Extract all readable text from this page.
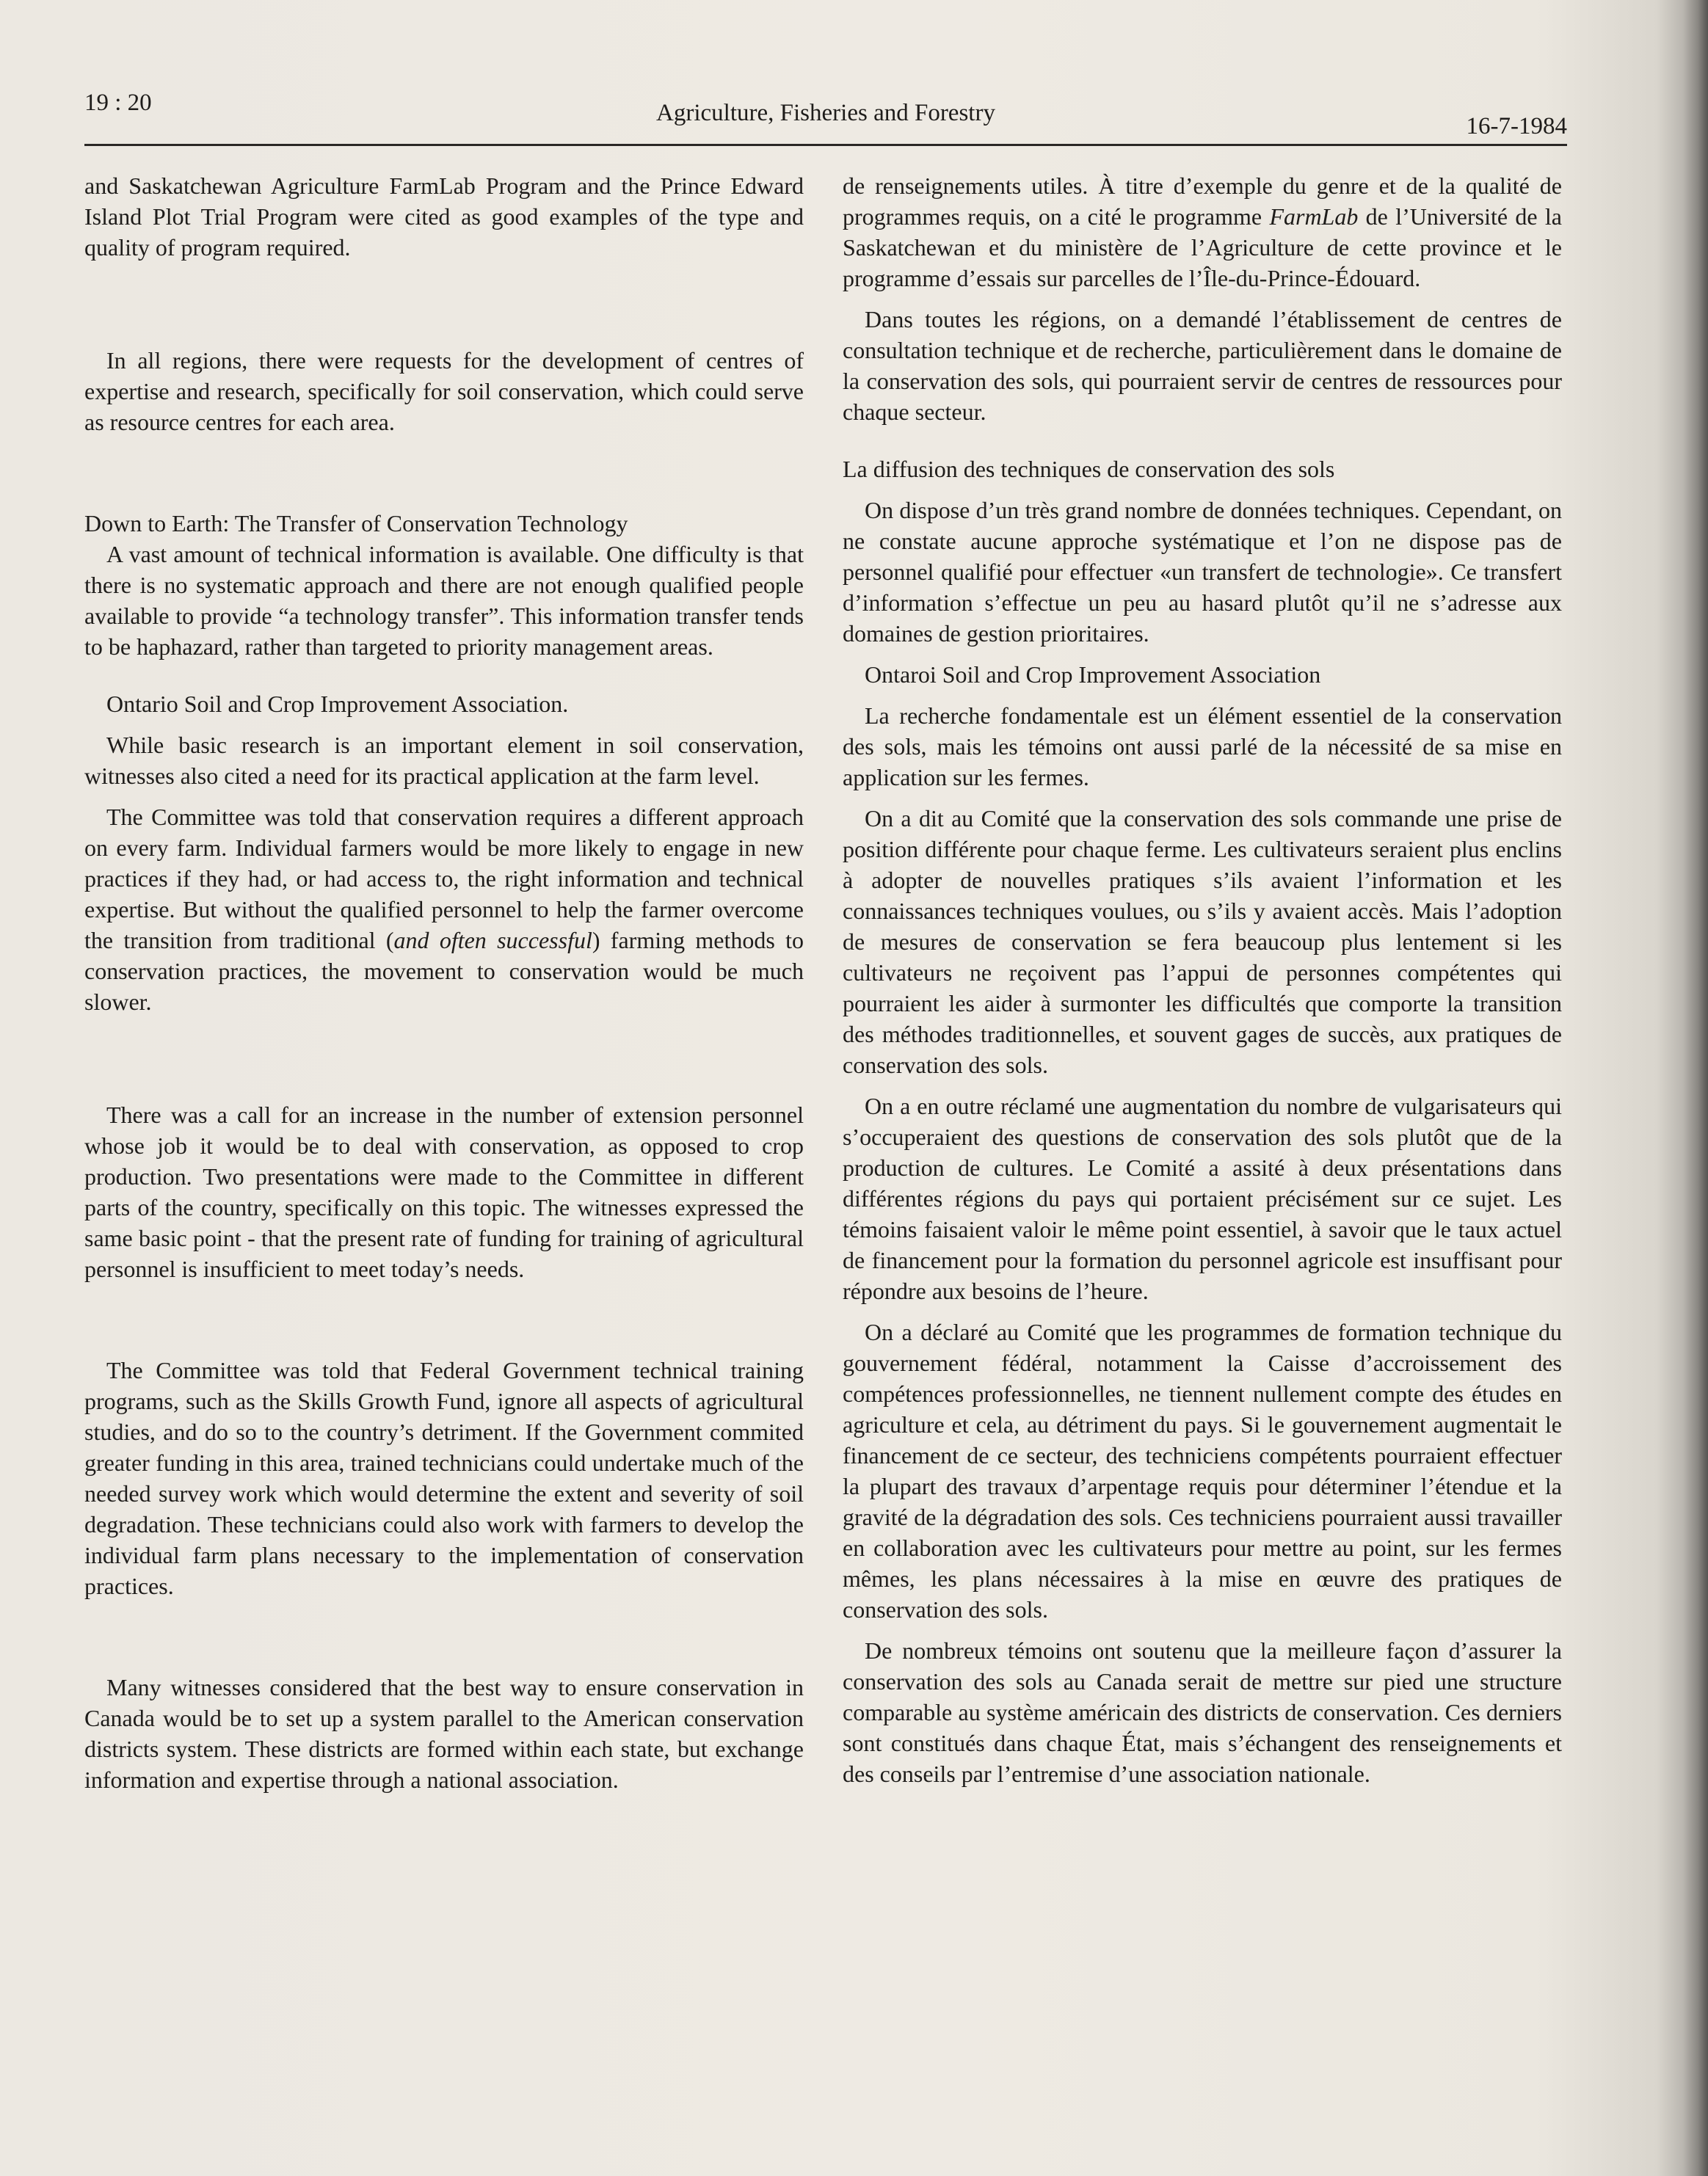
19 : 20	Agriculture, Fisheries and Forestry	16-7-1984

and Saskatchewan Agriculture FarmLab Program and the Prince Edward Island Plot Trial Program were cited as good examples of the type and quality of program required.

In all regions, there were requests for the development of centres of expertise and research, specifically for soil conservation, which could serve as resource centres for each area.

Down to Earth: The Transfer of Conservation Technology

A vast amount of technical information is available. One difficulty is that there is no systematic approach and there are not enough qualified people available to provide “a technology transfer”. This information transfer tends to be haphazard, rather than targeted to priority management areas.

Ontario Soil and Crop Improvement Association.

While basic research is an important element in soil conservation, witnesses also cited a need for its practical application at the farm level.

The Committee was told that conservation requires a different approach on every farm. Individual farmers would be more likely to engage in new practices if they had, or had access to, the right information and technical expertise. But without the qualified personnel to help the farmer overcome the transition from traditional (and often successful) farming methods to conservation practices, the movement to conservation would be much slower.

There was a call for an increase in the number of extension personnel whose job it would be to deal with conservation, as opposed to crop production. Two presentations were made to the Committee in different parts of the country, specifically on this topic. The witnesses expressed the same basic point - that the present rate of funding for training of agricultural personnel is insufficient to meet today’s needs.

The Committee was told that Federal Government technical training programs, such as the Skills Growth Fund, ignore all aspects of agricultural studies, and do so to the country’s detriment. If the Government commited greater funding in this area, trained technicians could undertake much of the needed survey work which would determine the extent and severity of soil degradation. These technicians could also work with farmers to develop the individual farm plans necessary to the implementation of conservation practices.

Many witnesses considered that the best way to ensure conservation in Canada would be to set up a system parallel to the American conservation districts system. These districts are formed within each state, but exchange information and expertise through a national association.

de renseignements utiles. À titre d’exemple du genre et de la qualité de programmes requis, on a cité le programme FarmLab de l’Université de la Saskatchewan et du ministère de l’Agriculture de cette province et le programme d’essais sur parcelles de l’Île-du-Prince-Édouard.

Dans toutes les régions, on a demandé l’établissement de centres de consultation technique et de recherche, particulièrement dans le domaine de la conservation des sols, qui pourraient servir de centres de ressources pour chaque secteur.

La diffusion des techniques de conservation des sols

On dispose d’un très grand nombre de données techniques. Cependant, on ne constate aucune approche systématique et l’on ne dispose pas de personnel qualifié pour effectuer «un transfert de technologie». Ce transfert d’information s’effectue un peu au hasard plutôt qu’il ne s’adresse aux domaines de gestion prioritaires.

Ontaroi Soil and Crop Improvement Association

La recherche fondamentale est un élément essentiel de la conservation des sols, mais les témoins ont aussi parlé de la nécessité de sa mise en application sur les fermes.

On a dit au Comité que la conservation des sols commande une prise de position différente pour chaque ferme. Les cultivateurs seraient plus enclins à adopter de nouvelles pratiques s’ils avaient l’information et les connaissances techniques voulues, ou s’ils y avaient accès. Mais l’adoption de mesures de conservation se fera beaucoup plus lentement si les cultivateurs ne reçoivent pas l’appui de personnes compétentes qui pourraient les aider à surmonter les difficultés que comporte la transition des méthodes traditionnelles, et souvent gages de succès, aux pratiques de conservation des sols.

On a en outre réclamé une augmentation du nombre de vulgarisateurs qui s’occuperaient des questions de conservation des sols plutôt que de la production de cultures. Le Comité a assité à deux présentations dans différentes régions du pays qui portaient précisément sur ce sujet. Les témoins faisaient valoir le même point essentiel, à savoir que le taux actuel de financement pour la formation du personnel agricole est insuffisant pour répondre aux besoins de l’heure.

On a déclaré au Comité que les programmes de formation technique du gouvernement fédéral, notamment la Caisse d’accroissement des compétences professionnelles, ne tiennent nullement compte des études en agriculture et cela, au détriment du pays. Si le gouvernement augmentait le financement de ce secteur, des techniciens compétents pourraient effectuer la plupart des travaux d’arpentage requis pour déterminer l’étendue et la gravité de la dégradation des sols. Ces techniciens pourraient aussi travailler en collaboration avec les cultivateurs pour mettre au point, sur les fermes mêmes, les plans nécessaires à la mise en œuvre des pratiques de conservation des sols.

De nombreux témoins ont soutenu que la meilleure façon d’assurer la conservation des sols au Canada serait de mettre sur pied une structure comparable au système américain des districts de conservation. Ces derniers sont constitués dans chaque État, mais s’échangent des renseignements et des conseils par l’entremise d’une association nationale.
